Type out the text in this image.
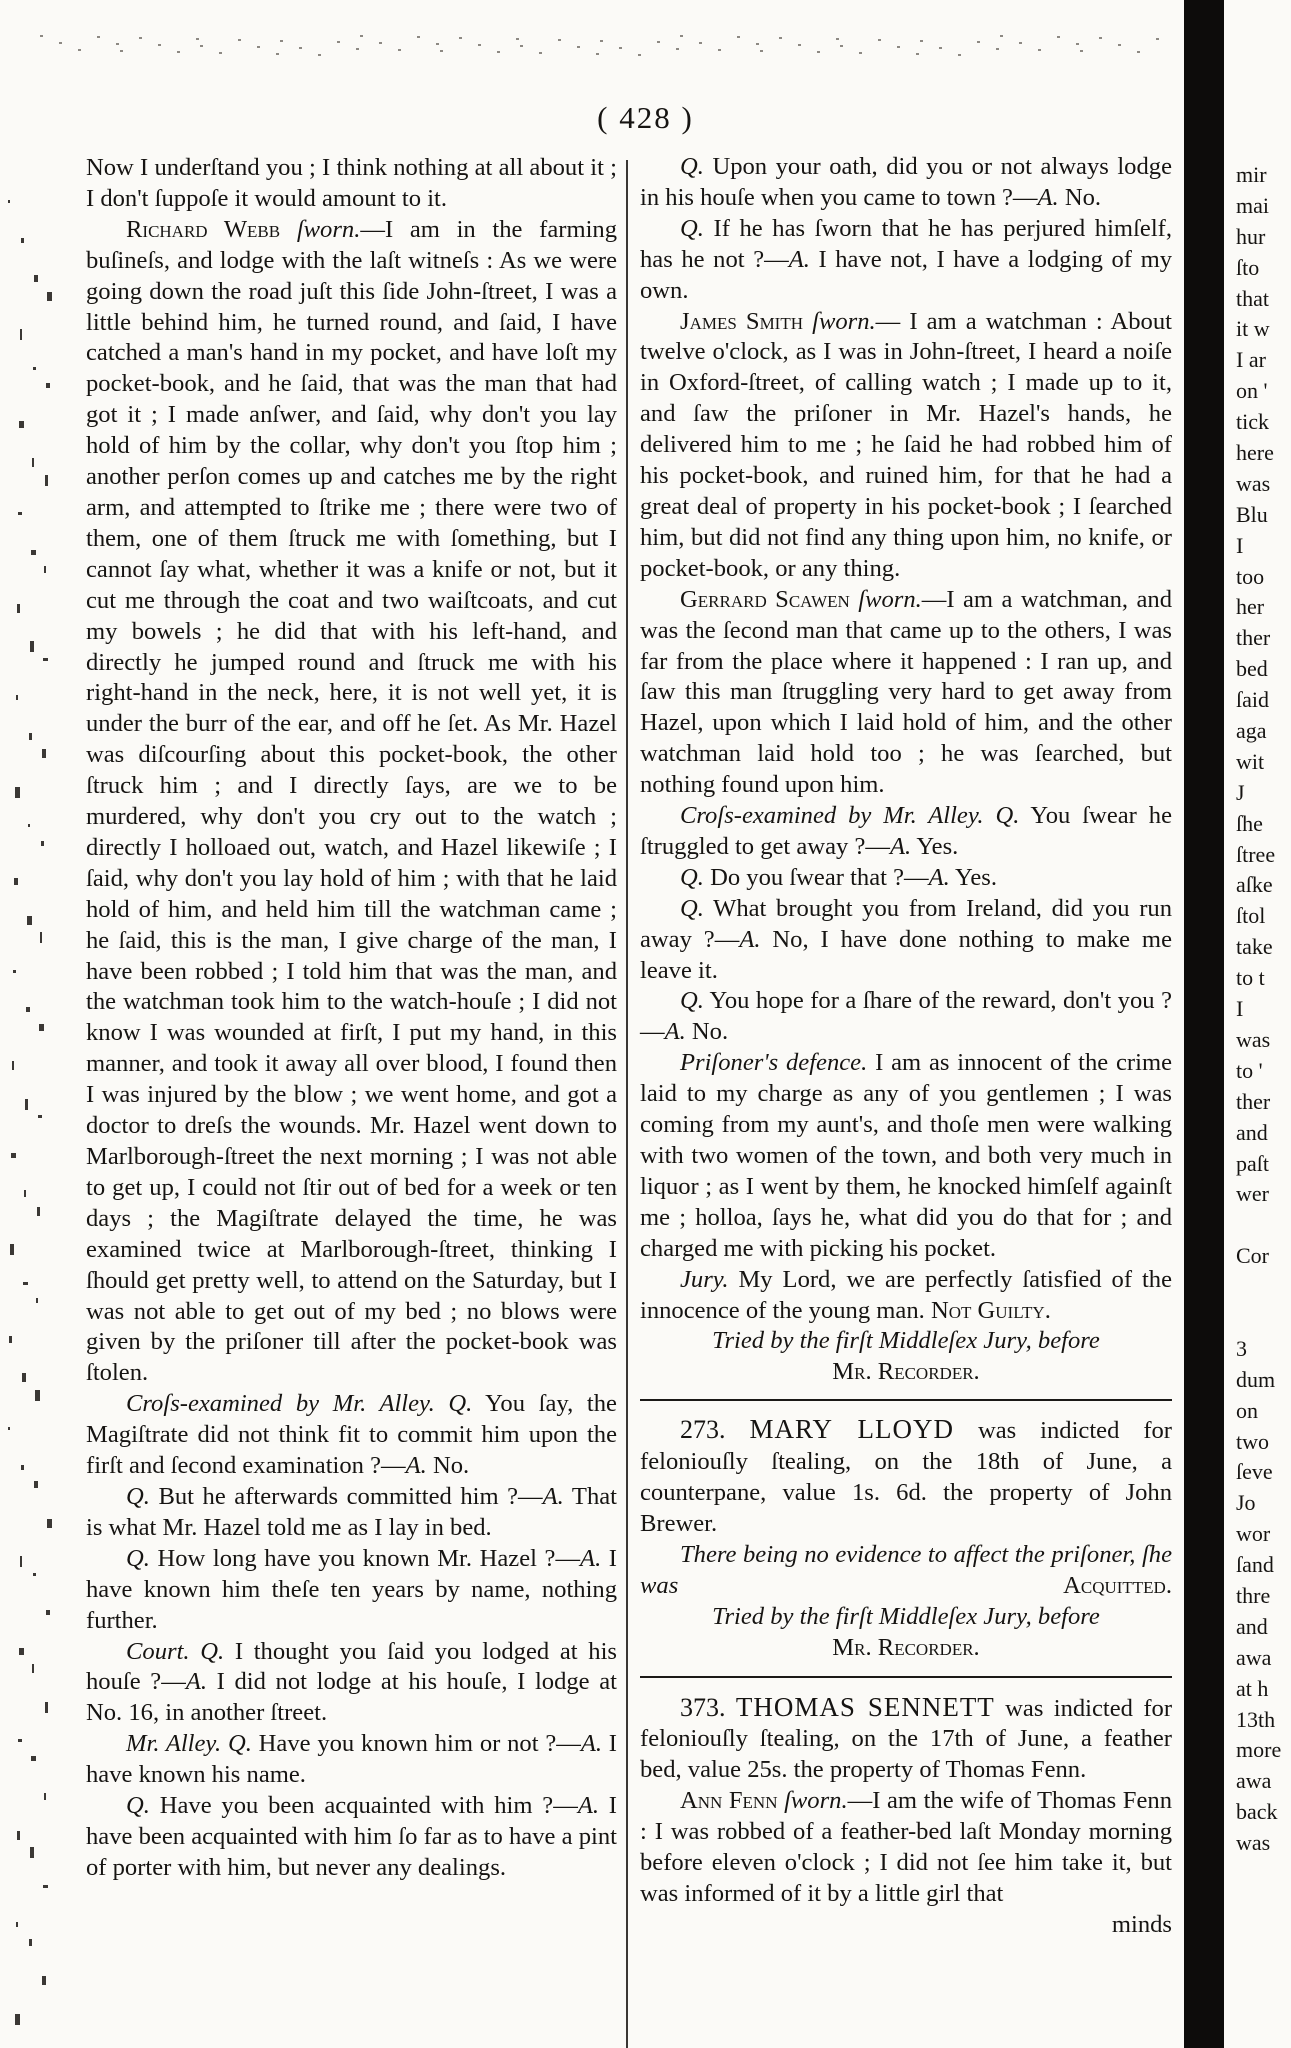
( 428 )

Now I underſtand you ; I think nothing at all about it ; I don't ſuppoſe it would amount to it.

Richard Webb ſworn.—I am in the farming buſineſs, and lodge with the laſt witneſs : As we were going down the road juſt this ſide John-ſtreet, I was a little behind him, he turned round, and ſaid, I have catched a man's hand in my pocket, and have loſt my pocket-book, and he ſaid, that was the man that had got it ; I made anſwer, and ſaid, why don't you lay hold of him by the collar, why don't you ſtop him ; another perſon comes up and catches me by the right arm, and attempted to ſtrike me ; there were two of them, one of them ſtruck me with ſomething, but I cannot ſay what, whether it was a knife or not, but it cut me through the coat and two waiſtcoats, and cut my bowels ; he did that with his left-hand, and directly he jumped round and ſtruck me with his right-hand in the neck, here, it is not well yet, it is under the burr of the ear, and off he ſet. As Mr. Hazel was diſcourſing about this pocket-book, the other ſtruck him ; and I directly ſays, are we to be murdered, why don't you cry out to the watch ; directly I holloaed out, watch, and Hazel likewiſe ; I ſaid, why don't you lay hold of him ; with that he laid hold of him, and held him till the watchman came ; he ſaid, this is the man, I give charge of the man, I have been robbed ; I told him that was the man, and the watchman took him to the watch-houſe ; I did not know I was wounded at firſt, I put my hand, in this manner, and took it away all over blood, I found then I was injured by the blow ; we went home, and got a doctor to dreſs the wounds. Mr. Hazel went down to Marlborough-ſtreet the next morning ; I was not able to get up, I could not ſtir out of bed for a week or ten days ; the Magiſtrate delayed the time, he was examined twice at Marlborough-ſtreet, thinking I ſhould get pretty well, to attend on the Saturday, but I was not able to get out of my bed ; no blows were given by the priſoner till after the pocket-book was ſtolen.

Croſs-examined by Mr. Alley. Q. You ſay, the Magiſtrate did not think fit to commit him upon the firſt and ſecond examination ?—A. No.

Q. But he afterwards committed him ?—A. That is what Mr. Hazel told me as I lay in bed.

Q. How long have you known Mr. Hazel ?—A. I have known him theſe ten years by name, nothing further.

Court. Q. I thought you ſaid you lodged at his houſe ?—A. I did not lodge at his houſe, I lodge at No. 16, in another ſtreet.

Mr. Alley. Q. Have you known him or not ?—A. I have known his name.

Q. Have you been acquainted with him ?—A. I have been acquainted with him ſo far as to have a pint of porter with him, but never any dealings.

Q. Upon your oath, did you or not always lodge in his houſe when you came to town ?—A. No.

Q. If he has ſworn that he has perjured himſelf, has he not ?—A. I have not, I have a lodging of my own.

James Smith ſworn.— I am a watchman : About twelve o'clock, as I was in John-ſtreet, I heard a noiſe in Oxford-ſtreet, of calling watch ; I made up to it, and ſaw the priſoner in Mr. Hazel's hands, he delivered him to me ; he ſaid he had robbed him of his pocket-book, and ruined him, for that he had a great deal of property in his pocket-book ; I ſearched him, but did not find any thing upon him, no knife, or pocket-book, or any thing.

Gerrard Scawen ſworn.—I am a watchman, and was the ſecond man that came up to the others, I was far from the place where it happened : I ran up, and ſaw this man ſtruggling very hard to get away from Hazel, upon which I laid hold of him, and the other watchman laid hold too ; he was ſearched, but nothing found upon him.

Croſs-examined by Mr. Alley. Q. You ſwear he ſtruggled to get away ?—A. Yes.

Q. Do you ſwear that ?—A. Yes.

Q. What brought you from Ireland, did you run away ?—A. No, I have done nothing to make me leave it.

Q. You hope for a ſhare of the reward, don't you ?—A. No.

Priſoner's defence. I am as innocent of the crime laid to my charge as any of you gentlemen ; I was coming from my aunt's, and thoſe men were walking with two women of the town, and both very much in liquor ; as I went by them, he knocked himſelf againſt me ; holloa, ſays he, what did you do that for ; and charged me with picking his pocket.

Jury. My Lord, we are perfectly ſatisfied of the innocence of the young man. Not Guilty.

Tried by the firſt Middleſex Jury, before

Mr. Recorder.

273. MARY LLOYD was indicted for feloniouſly ſtealing, on the 18th of June, a counterpane, value 1s. 6d. the property of John Brewer.

There being no evidence to affect the priſoner, ſhe was	Acquitted.

Tried by the firſt Middleſex Jury, before

Mr. Recorder.

373. THOMAS SENNETT was indicted for feloniouſly ſtealing, on the 17th of June, a feather bed, value 25s. the property of Thomas Fenn.

Ann Fenn ſworn.—I am the wife of Thomas Fenn : I was robbed of a feather-bed laſt Monday morning before eleven o'clock ; I did not ſee him take it, but was informed of it by a little girl that

minds

mir
mai
hur
ſto
that
it w
I ar
on '
tick
here
was
Blu
I
too
her
ther
bed
ſaid
aga
wit
J
ſhe
ſtree
aſke
ſtol
take
to t
I
was
to '
ther
and
paſt
wer
Cor
3
dum
on
two
ſeve
Jo
wor
ſand
thre
and
awa
at h
13th
more
awa
back
was
